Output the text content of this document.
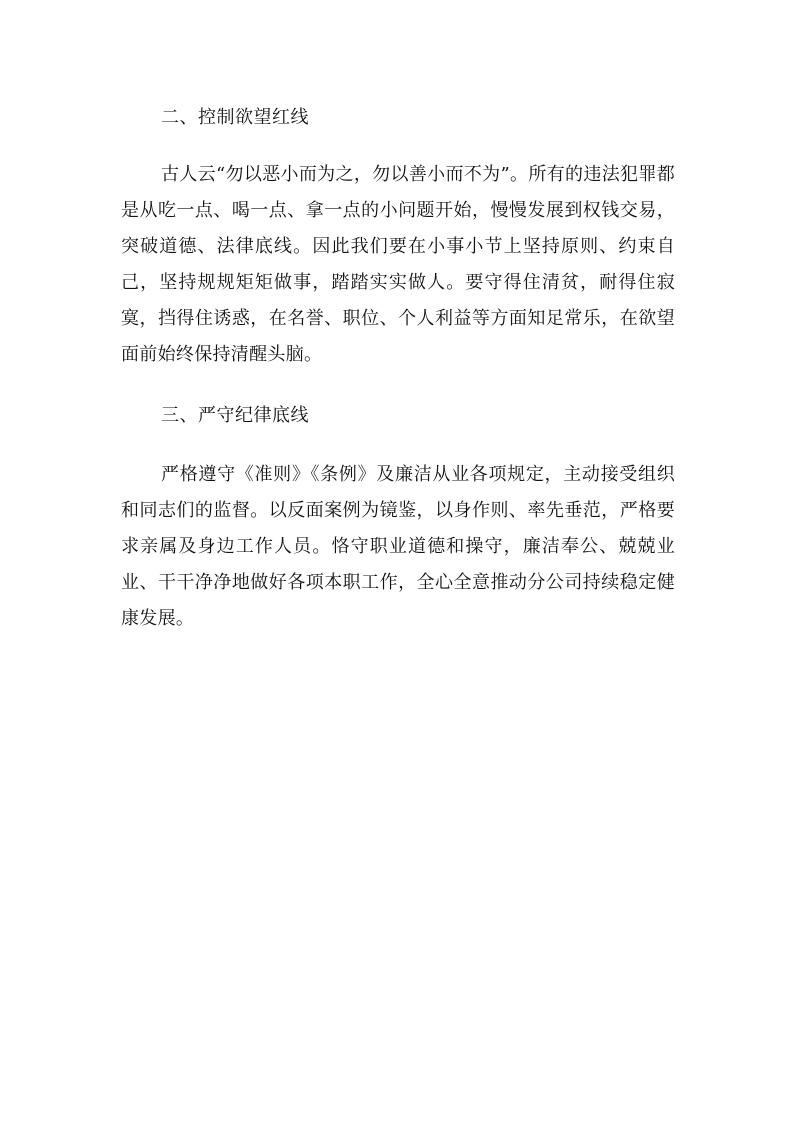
二、控制欲望红线

古人云“勿以恶小而为之，勿以善小而不为”。所有的违法犯罪都是从吃一点、喝一点、拿一点的小问题开始，慢慢发展到权钱交易，突破道德、法律底线。因此我们要在小事小节上坚持原则、约束自己，坚持规规矩矩做事，踏踏实实做人。要守得住清贫，耐得住寂寞，挡得住诱惑，在名誉、职位、个人利益等方面知足常乐，在欲望面前始终保持清醒头脑。

三、严守纪律底线

严格遵守《准则》《条例》及廉洁从业各项规定，主动接受组织和同志们的监督。以反面案例为镜鉴，以身作则、率先垂范，严格要求亲属及身边工作人员。恪守职业道德和操守，廉洁奉公、兢兢业业、干干净净地做好各项本职工作，全心全意推动分公司持续稳定健康发展。
